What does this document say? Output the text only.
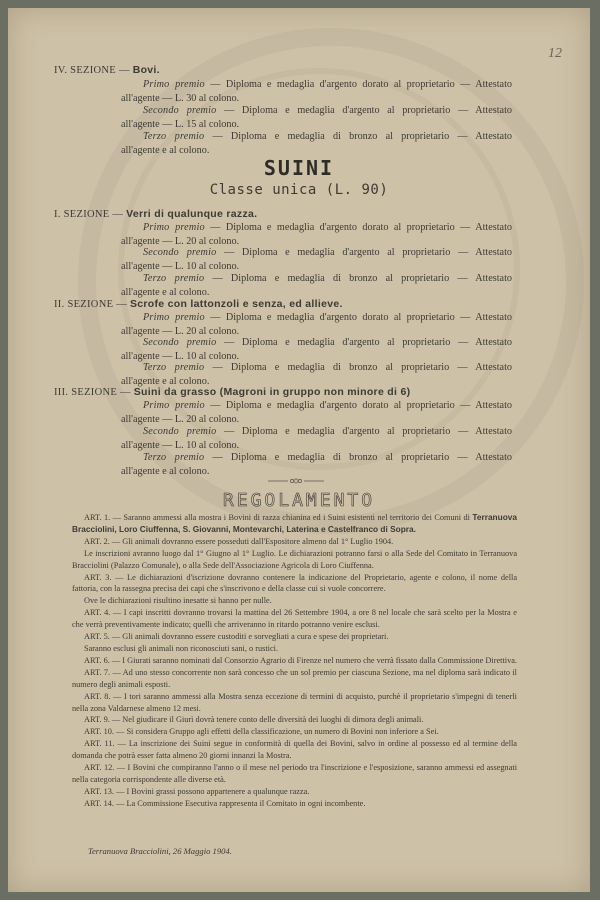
12
IV. SEZIONE — Bovi.
Primo premio — Diploma e medaglia d'argento dorato al proprietario — Attestato
all'agente — L. 30 al colono.
Secondo premio — Diploma e medaglia d'argento al proprietario — Attestato
all'agente — L. 15 al colono.
Terzo premio — Diploma e medaglia di bronzo al proprietario — Attestato
all'agente e al colono.
SUINI
Classe unica (L. 90)
I. SEZIONE — Verri di qualunque razza.
Primo premio — Diploma e medaglia d'argento dorato al proprietario — Attestato
all'agente — L. 20 al colono.
Secondo premio — Diploma e medaglia d'argento al proprietario — Attestato
all'agente — L. 10 al colono.
Terzo premio — Diploma e medaglia di bronzo al proprietario — Attestato
all'agente e al colono.
II. SEZIONE — Scrofe con lattonzoli e senza, ed allieve.
Primo premio — Diploma e medaglia d'argento dorato al proprietario — Attestato
all'agente — L. 20 al colono.
Secondo premio — Diploma e medaglia d'argento al proprietario — Attestato
all'agente — L. 10 al colono.
Terzo premio — Diploma e medaglia di bronzo al proprietario — Attestato
all'agente e al colono.
III. SEZIONE — Suini da grasso (Magroni in gruppo non minore di 6)
Primo premio — Diploma e medaglia d'argento dorato al proprietario — Attestato
all'agente — L. 20 al colono.
Secondo premio — Diploma e medaglia d'argento al proprietario — Attestato
all'agente — L. 10 al colono.
Terzo premio — Diploma e medaglia di bronzo al proprietario — Attestato
all'agente e al colono.
REGOLAMENTO

ART. 1. — Saranno ammessi alla mostra i Bovini di razza chianina ed i Suini esistenti nel territorio dei Comuni di Terranuova Bracciolini, Loro Ciuffenna, S. Giovanni, Montevarchi, Laterina e Castelfranco di Sopra.

ART. 2. — Gli animali dovranno essere posseduti dall'Espositore almeno dal 1° Luglio 1904.

Le inscrizioni avranno luogo dal 1° Giugno al 1° Luglio. Le dichiarazioni potranno farsi o alla Sede del Comitato in Terranuova Bracciolini (Palazzo Comunale), o alla Sede dell'Associazione Agricola di Loro Ciuffenna.

ART. 3. — Le dichiarazioni d'iscrizione dovranno contenere la indicazione del Proprietario, agente e colono, il nome della fattoria, con la rassegna precisa dei capi che s'inscrivono e della classe cui si vuole concorrere.

Ove le dichiarazioni risultino inesatte si hanno per nulle.

ART. 4. — I capi inscritti dovranno trovarsi la mattina del 26 Settembre 1904, a ore 8 nel locale che sarà scelto per la Mostra e che verrà preventivamente indicato; quelli che arriveranno in ritardo potranno venire esclusi.

ART. 5. — Gli animali dovranno essere custoditi e sorvegliati a cura e spese dei proprietari.

Saranno esclusi gli animali non riconosciuti sani, o rustici.

ART. 6. — I Giurati saranno nominati dal Consorzio Agrario di Firenze nel numero che verrà fissato dalla Commissione Direttiva.

ART. 7. — Ad uno stesso concorrente non sarà concesso che un sol premio per ciascuna Sezione, ma nel diploma sarà indicato il numero degli animali esposti.

ART. 8. — I tori saranno ammessi alla Mostra senza eccezione di termini di acquisto, purchè il proprietario s'impegni di tenerli nella zona Valdarnese almeno 12 mesi.

ART. 9. — Nel giudicare il Giurì dovrà tenere conto delle diversità dei luoghi di dimora degli animali.

ART. 10. — Si considera Gruppo agli effetti della classificazione, un numero di Bovini non inferiore a Sei.

ART. 11. — La inscrizione dei Suini segue in conformità di quella dei Bovini, salvo in ordine al possesso ed al termine della domanda che potrà esser fatta almeno 20 giorni innanzi la Mostra.

ART. 12. — I Bovini che compiranno l'anno o il mese nel periodo tra l'inscrizione e l'esposizione, saranno ammessi ed assegnati nella categoria corrispondente alle diverse età.

ART. 13. — I Bovini grassi possono appartenere a qualunque razza.

ART. 14. — La Commissione Esecutiva rappresenta il Comitato in ogni incombente.

Terranuova Bracciolini, 26 Maggio 1904.
